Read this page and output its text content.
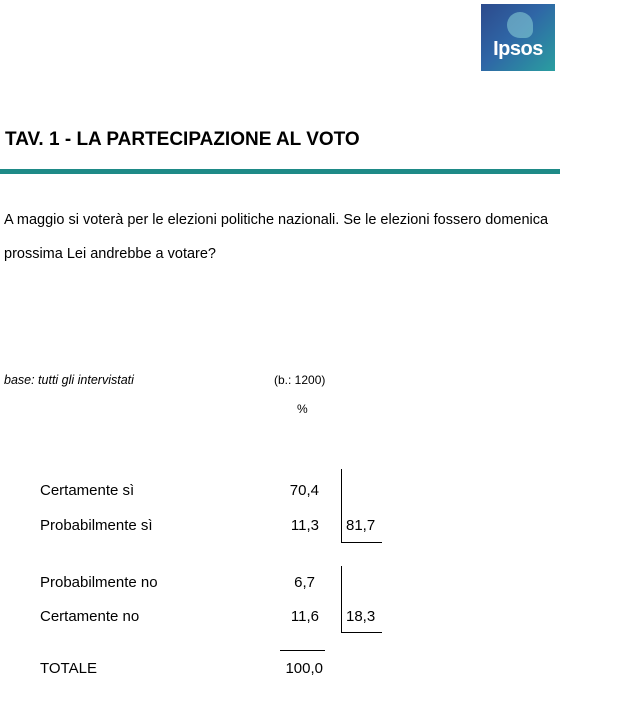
Ipsos
TAV. 1 - LA PARTECIPAZIONE AL VOTO
A maggio si voterà per le elezioni politiche nazionali. Se le elezioni fossero domenica prossima Lei andrebbe a votare?
base: tutti gli intervistati	(b.: 1200)
%
Certamente sì	70,4
Probabilmente sì	11,3 81,7
Probabilmente no	6,7
Certamente no	11,6 18,3
TOTALE	100,0
